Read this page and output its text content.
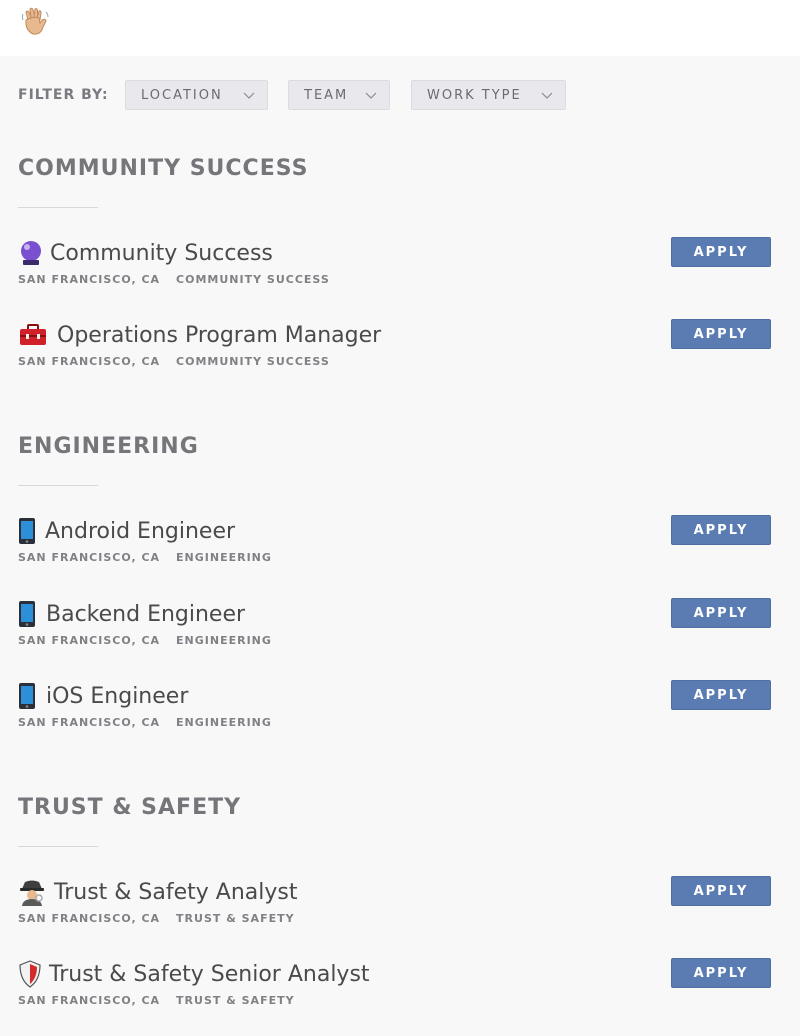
FILTER BY:	LOCATION	TEAM	WORK TYPE
COMMUNITY SUCCESS
Community Success
SAN FRANCISCO, CA COMMUNITY SUCCESS
APPLY
Operations Program Manager
SAN FRANCISCO, CA COMMUNITY SUCCESS
APPLY
ENGINEERING
Android Engineer
SAN FRANCISCO, CA ENGINEERING
APPLY
Backend Engineer
SAN FRANCISCO, CA ENGINEERING
APPLY
iOS Engineer
SAN FRANCISCO, CA ENGINEERING
APPLY
TRUST & SAFETY
Trust & Safety Analyst
SAN FRANCISCO, CA TRUST & SAFETY
APPLY
Trust & Safety Senior Analyst
SAN FRANCISCO, CA TRUST & SAFETY
APPLY
